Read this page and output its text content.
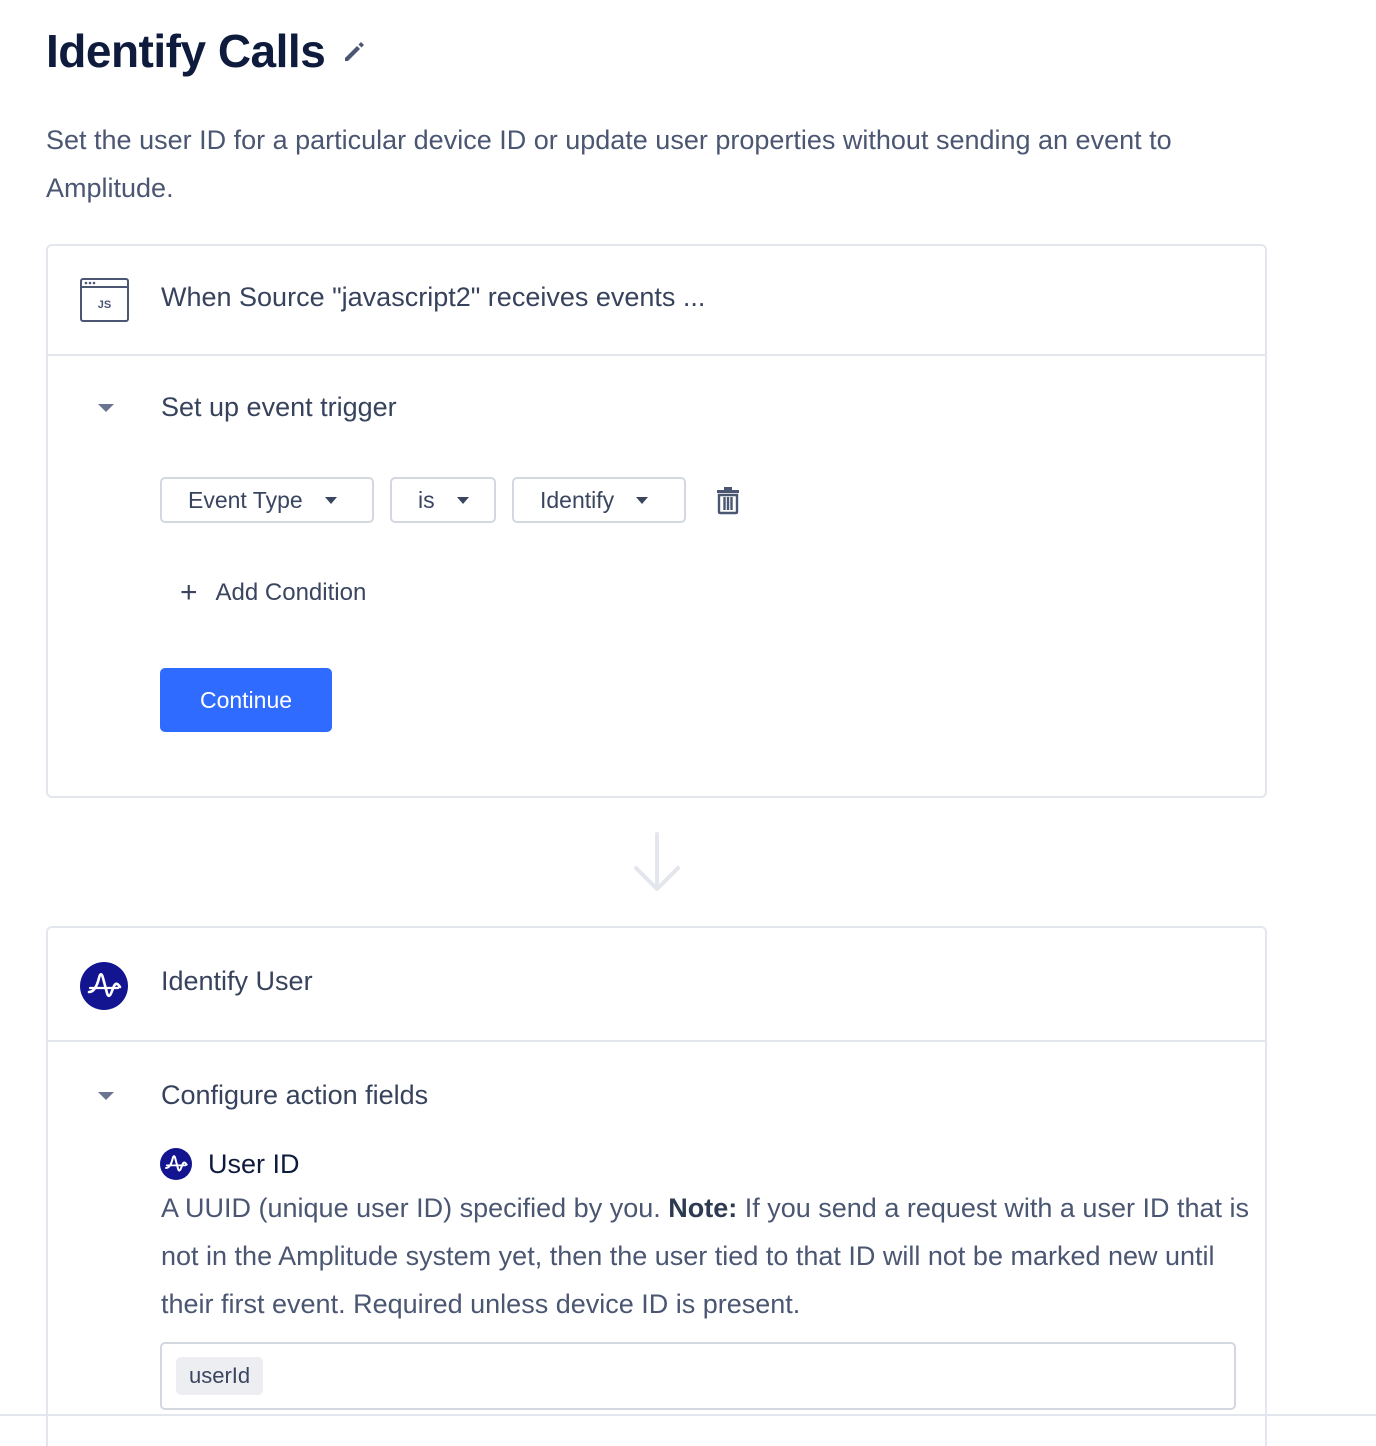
Identify Calls

Set the user ID for a particular device ID or update user properties without sending an event to Amplitude.

JS When Source "javascript2" receives events ...
Set up event trigger
Event Type	is	Identify
+ Add Condition
Continue
Identify User
Configure action fields
User ID

A UUID (unique user ID) specified by you. Note: If you send a request with a user ID that is not in the Amplitude system yet, then the user tied to that ID will not be marked new until their first event. Required unless device ID is present.

userId
